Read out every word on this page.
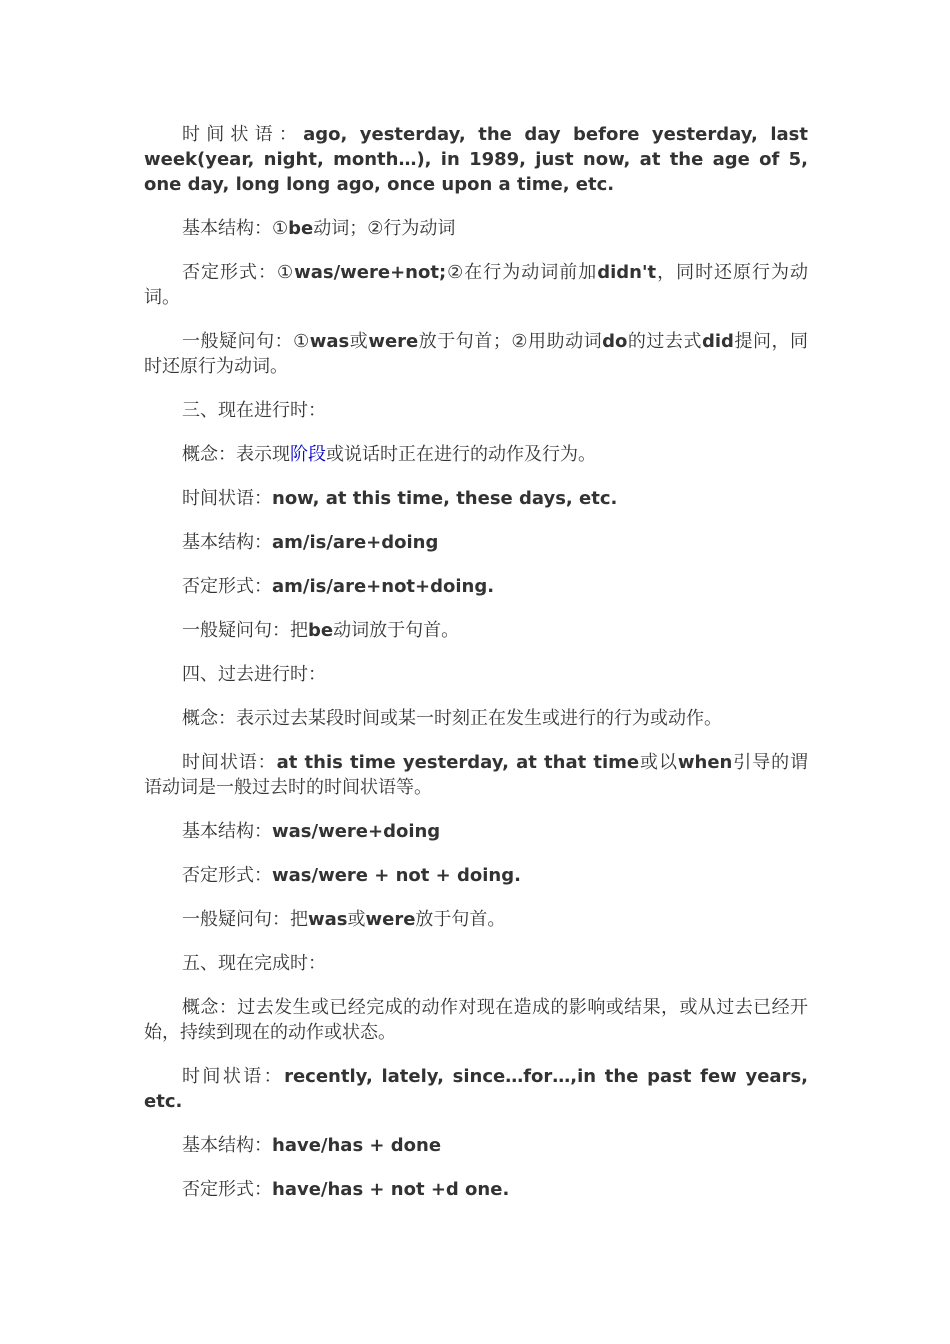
时间状语：ago, yesterday, the day before yesterday, last week(year, night, month…), in 1989, just now, at the age of 5, one day, long long ago, once upon a time, etc.

基本结构：①be动词；②行为动词

否定形式：①was/were+not;②在行为动词前加didn't，同时还原行为动词。

一般疑问句：①was或were放于句首；②用助动词do的过去式did提问，同时还原行为动词。

三、现在进行时：

概念：表示现阶段或说话时正在进行的动作及行为。

时间状语：now, at this time, these days, etc.

基本结构：am/is/are+doing

否定形式：am/is/are+not+doing.

一般疑问句：把be动词放于句首。

四、过去进行时：

概念：表示过去某段时间或某一时刻正在发生或进行的行为或动作。

时间状语：at this time yesterday, at that time或以when引导的谓语动词是一般过去时的时间状语等。

基本结构：was/were+doing

否定形式：was/were + not + doing.

一般疑问句：把was或were放于句首。

五、现在完成时：

概念：过去发生或已经完成的动作对现在造成的影响或结果，或从过去已经开始，持续到现在的动作或状态。

时间状语：recently, lately, since…for…,in the past few years, etc.

基本结构：have/has + done

否定形式：have/has + not +d one.
